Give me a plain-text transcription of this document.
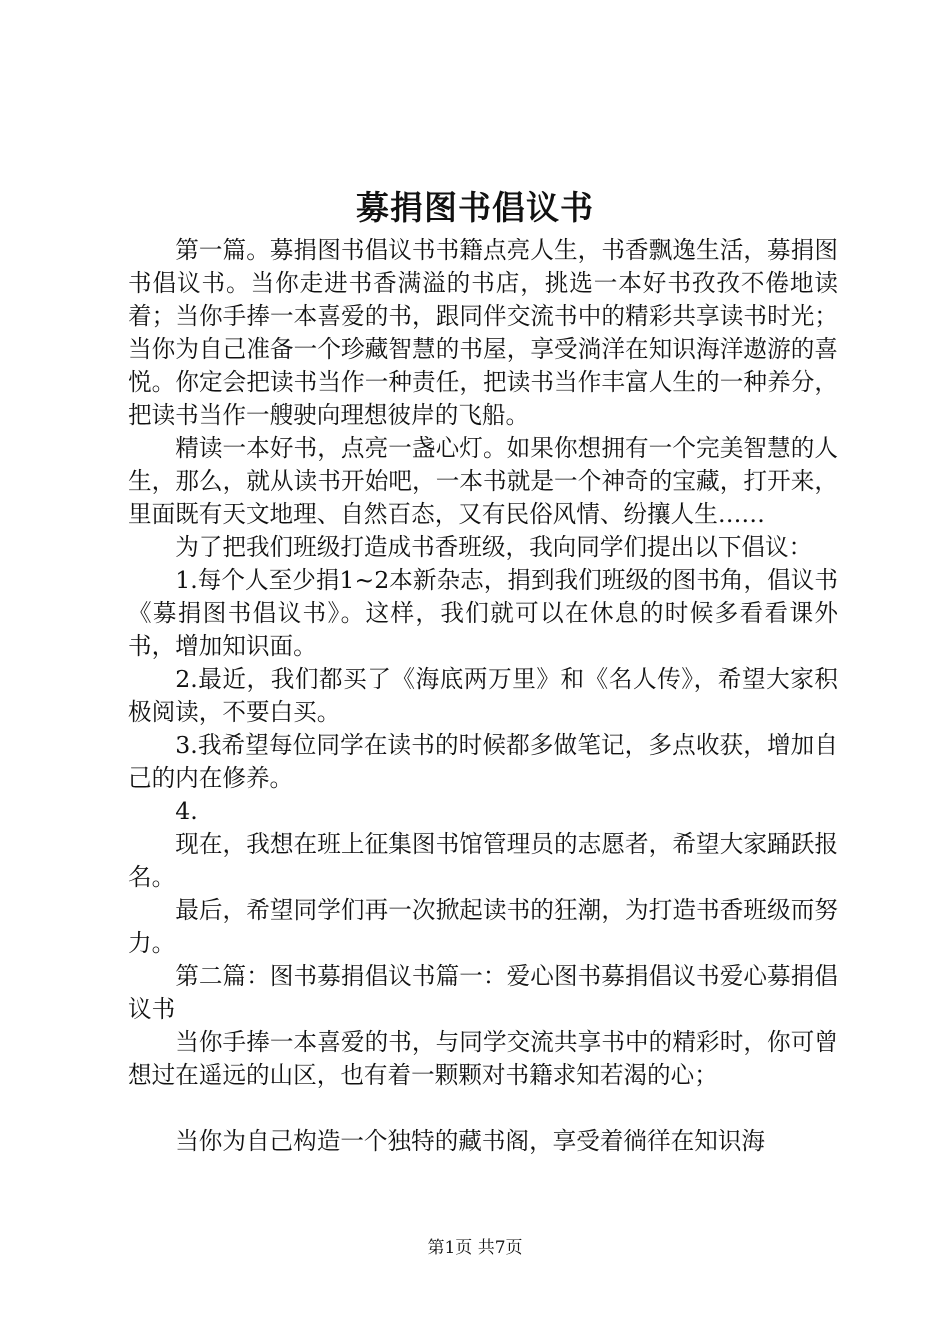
募捐图书倡议书

第一篇。募捐图书倡议书书籍点亮人生，书香飘逸生活，募捐图书倡议书。当你走进书香满溢的书店，挑选一本好书孜孜不倦地读着；当你手捧一本喜爱的书，跟同伴交流书中的精彩共享读书时光；当你为自己准备一个珍藏智慧的书屋，享受淌洋在知识海洋遨游的喜悦。你定会把读书当作一种责任，把读书当作丰富人生的一种养分，把读书当作一艘驶向理想彼岸的飞船。

精读一本好书，点亮一盏心灯。如果你想拥有一个完美智慧的人生，那么，就从读书开始吧，一本书就是一个神奇的宝藏，打开来，里面既有天文地理、自然百态，又有民俗风情、纷攘人生……

为了把我们班级打造成书香班级，我向同学们提出以下倡议：

1.每个人至少捐1~2本新杂志，捐到我们班级的图书角，倡议书《募捐图书倡议书》。这样，我们就可以在休息的时候多看看课外书，增加知识面。

2.最近，我们都买了《海底两万里》和《名人传》，希望大家积极阅读，不要白买。

3.我希望每位同学在读书的时候都多做笔记，多点收获，增加自己的内在修养。

4.

现在，我想在班上征集图书馆管理员的志愿者，希望大家踊跃报名。

最后，希望同学们再一次掀起读书的狂潮，为打造书香班级而努力。

第二篇：图书募捐倡议书篇一：爱心图书募捐倡议书爱心募捐倡议书

当你手捧一本喜爱的书，与同学交流共享书中的精彩时，你可曾想过在遥远的山区，也有着一颗颗对书籍求知若渴的心；

当你为自己构造一个独特的藏书阁，享受着徜徉在知识海

第1页 共7页
